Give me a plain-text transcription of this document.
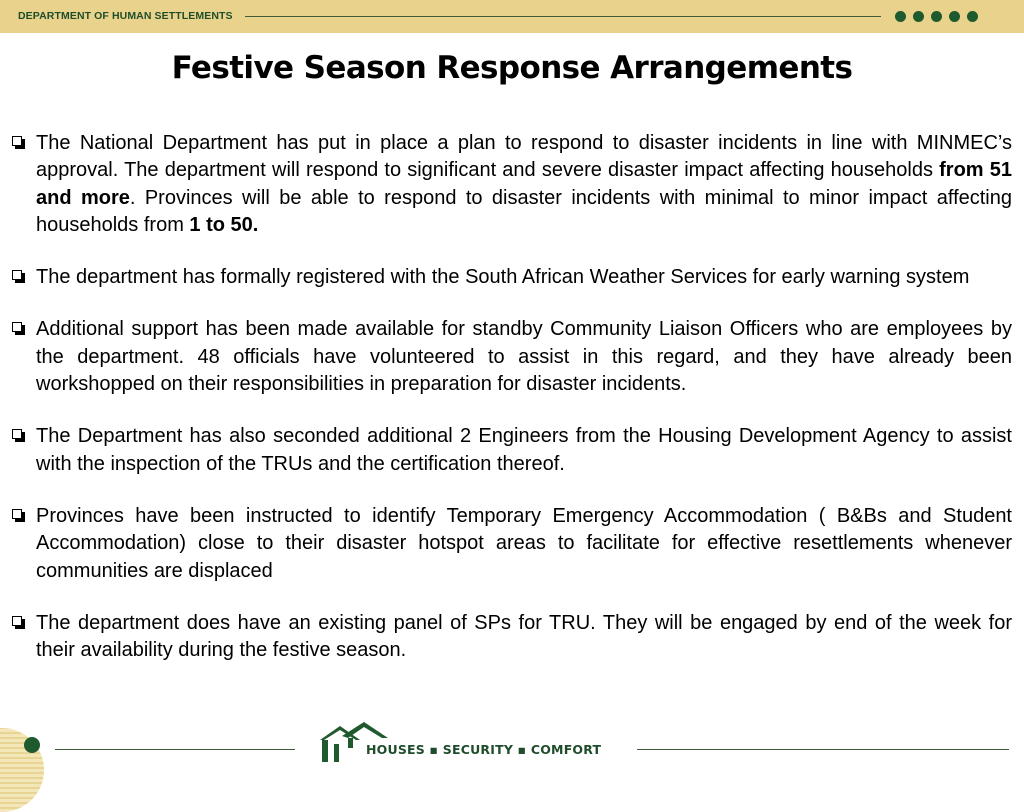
DEPARTMENT OF HUMAN SETTLEMENTS
Festive Season Response Arrangements
The National Department has put in place a plan to respond to disaster incidents in line with MINMEC’s approval. The department will respond to significant and severe disaster impact affecting households from 51 and more. Provinces will be able to respond to disaster incidents with minimal to minor impact affecting households from 1 to 50.
The department has formally registered with the South African Weather Services for early warning system
Additional support has been made available for standby Community Liaison Officers who are employees by the department. 48 officials have volunteered to assist in this regard, and they have already been workshopped on their responsibilities in preparation for disaster incidents.
The Department has also seconded additional 2 Engineers from the Housing Development Agency to assist with the inspection of the TRUs and the certification thereof.
Provinces have been instructed to identify Temporary Emergency Accommodation ( B&Bs and Student Accommodation) close to their disaster hotspot areas to facilitate for effective resettlements whenever communities are displaced
The department does have an existing panel of SPs for TRU. They will be engaged by end of the week for their availability during the festive season.
HOUSES ▪ SECURITY ▪ COMFORT
